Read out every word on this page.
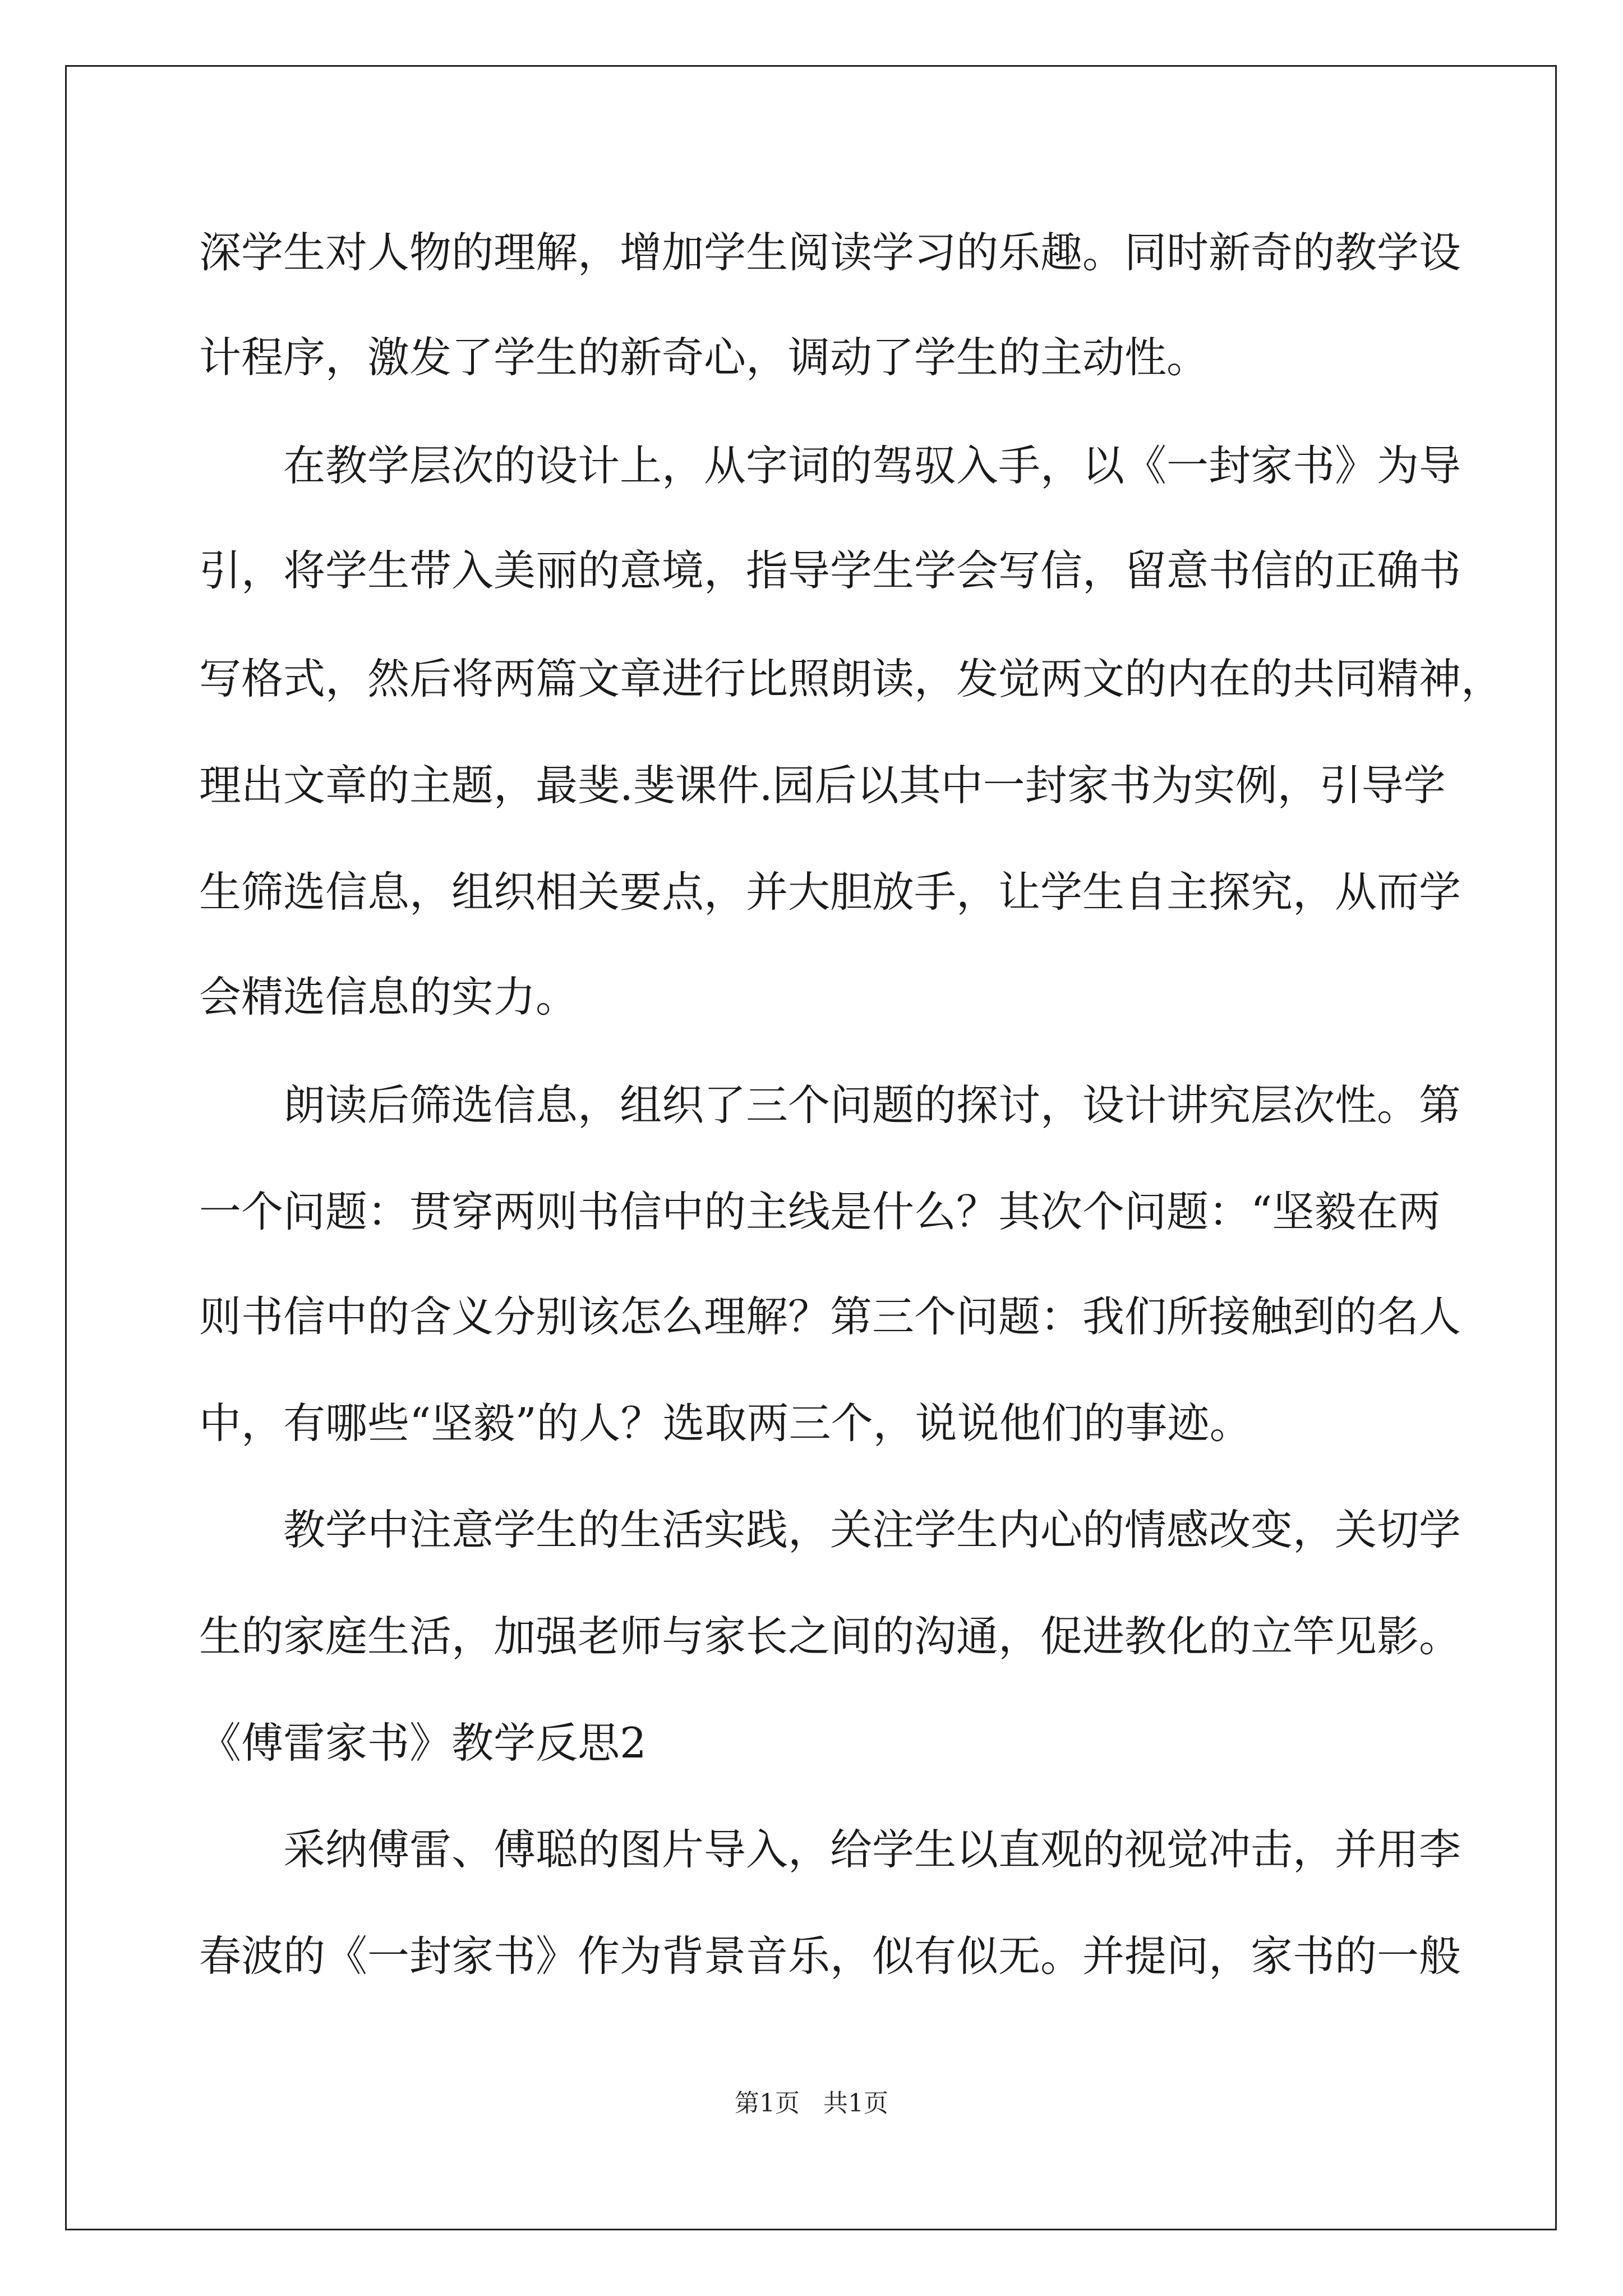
深学生对人物的理解，增加学生阅读学习的乐趣。同时新奇的教学设
计程序，激发了学生的新奇心，调动了学生的主动性。
在教学层次的设计上，从字词的驾驭入手，以《一封家书》为导
引，将学生带入美丽的意境，指导学生学会写信，留意书信的正确书
写格式，然后将两篇文章进行比照朗读，发觉两文的内在的共同精神，
理出文章的主题，最斐.斐课件.园后以其中一封家书为实例，引导学
生筛选信息，组织相关要点，并大胆放手，让学生自主探究，从而学
会精选信息的实力。
朗读后筛选信息，组织了三个问题的探讨，设计讲究层次性。第
一个问题：贯穿两则书信中的主线是什么？其次个问题：“坚毅在两
则书信中的含义分别该怎么理解？第三个问题：我们所接触到的名人
中，有哪些“坚毅”的人？选取两三个，说说他们的事迹。
教学中注意学生的生活实践，关注学生内心的情感改变，关切学
生的家庭生活，加强老师与家长之间的沟通，促进教化的立竿见影。
《傅雷家书》教学反思2
采纳傅雷、傅聪的图片导入，给学生以直观的视觉冲击，并用李
春波的《一封家书》作为背景音乐，似有似无。并提问，家书的一般
第1页   共1页
